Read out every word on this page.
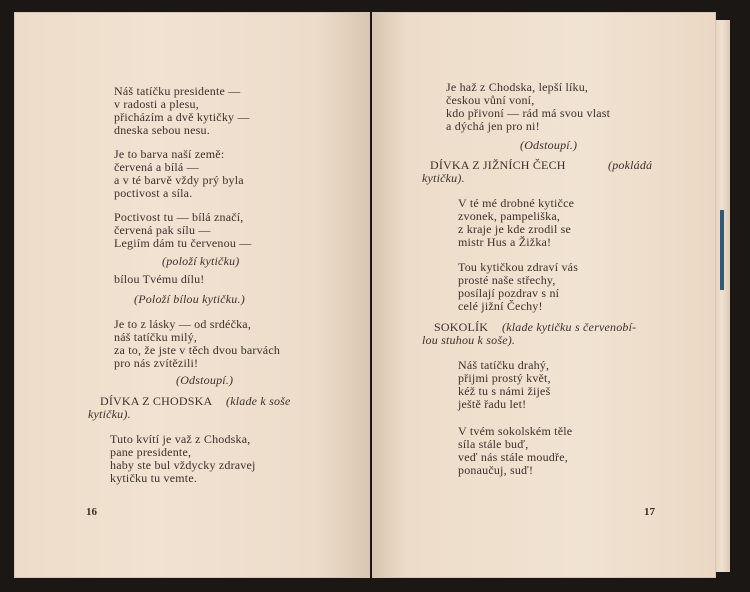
Náš tatíčku presidente —
v radosti a plesu,
přicházím a dvě kytičky —
dneska sebou nesu.
Je to barva naší země:
červená a bílá —
a v té barvě vždy prý byla
poctivost a síla.
Poctivost tu — bílá značí,
červená pak sílu —
Legiím dám tu červenou —
(položí kytičku)
bílou Tvému dílu!
(Položí bílou kytičku.)
Je to z lásky — od srdéčka,
náš tatíčku milý,
za to, že jste v těch dvou barvách
pro nás zvítězili!
(Odstoupí.)
DÍVKA Z CHODSKA (klade k soše
kytičku).
Tuto kvítí je važ z Chodska,
pane presidente,
haby ste bul vždycky zdravej
kytičku tu vemte.
16
Je haž z Chodska, lepší líku,
českou vůní voní,
kdo přivoní — rád má svou vlast
a dýchá jen pro ni!
(Odstoupí.)
DÍVKA Z JIŽNÍCH ČECH	(pokládá
kytičku).
V té mé drobné kytičce
zvonek, pampeliška,
z kraje je kde zrodil se
mistr Hus a Žižka!
Tou kytičkou zdraví vás
prosté naše střechy,
posílají pozdrav s ní
celé jižní Čechy!
SOKOLÍK (klade kytičku s červenobí-
lou stuhou k soše).
Náš tatíčku drahý,
přijmi prostý květ,
kéž tu s námi žiješ
ještě řadu let!
V tvém sokolském těle
síla stále buď,
veď nás stále moudře,
ponaučuj, suď!
17
